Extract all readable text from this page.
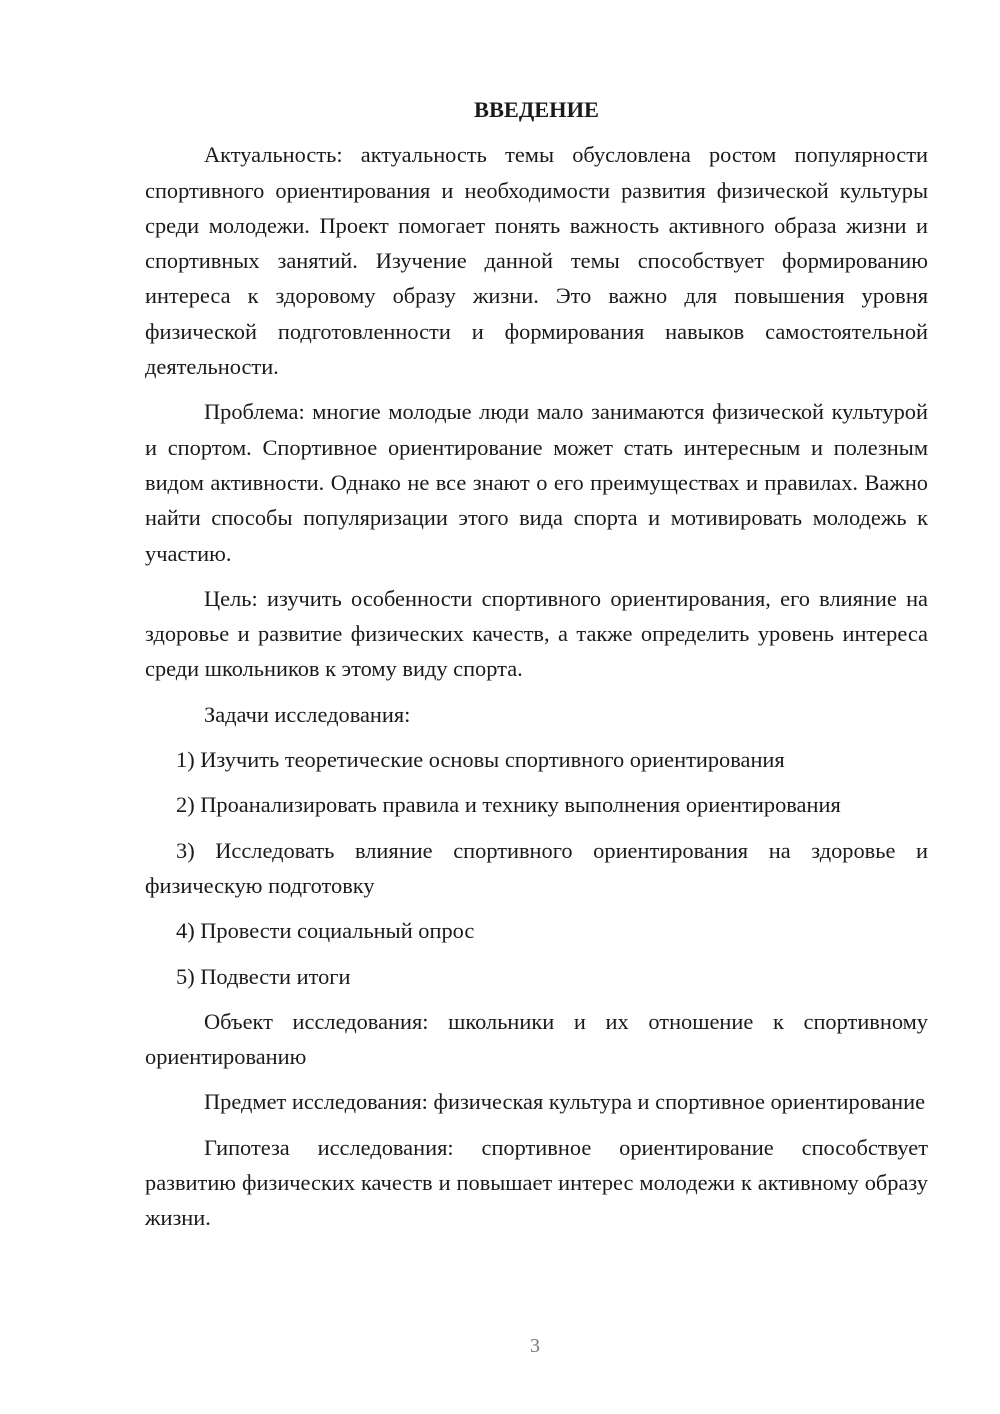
ВВЕДЕНИЕ

Актуальность: актуальность темы обусловлена ростом популярности спортивного ориентирования и необходимости развития физической культуры среди молодежи. Проект помогает понять важность активного образа жизни и спортивных занятий. Изучение данной темы способствует формированию интереса к здоровому образу жизни. Это важно для повышения уровня физической подготовленности и формирования навыков самостоятельной деятельности.

Проблема: многие молодые люди мало занимаются физической культурой и спортом. Спортивное ориентирование может стать интересным и полезным видом активности. Однако не все знают о его преимуществах и правилах. Важно найти способы популяризации этого вида спорта и мотивировать молодежь к участию.

Цель: изучить особенности спортивного ориентирования, его влияние на здоровье и развитие физических качеств, а также определить уровень интереса среди школьников к этому виду спорта.

Задачи исследования:

1) Изучить теоретические основы спортивного ориентирования

2) Проанализировать правила и технику выполнения ориентирования

3) Исследовать влияние спортивного ориентирования на здоровье и физическую подготовку

4) Провести социальный опрос

5) Подвести итоги

Объект исследования: школьники и их отношение к спортивному ориентированию

Предмет исследования: физическая культура и спортивное ориентирование

Гипотеза исследования: спортивное ориентирование способствует развитию физических качеств и повышает интерес молодежи к активному образу жизни.

3
